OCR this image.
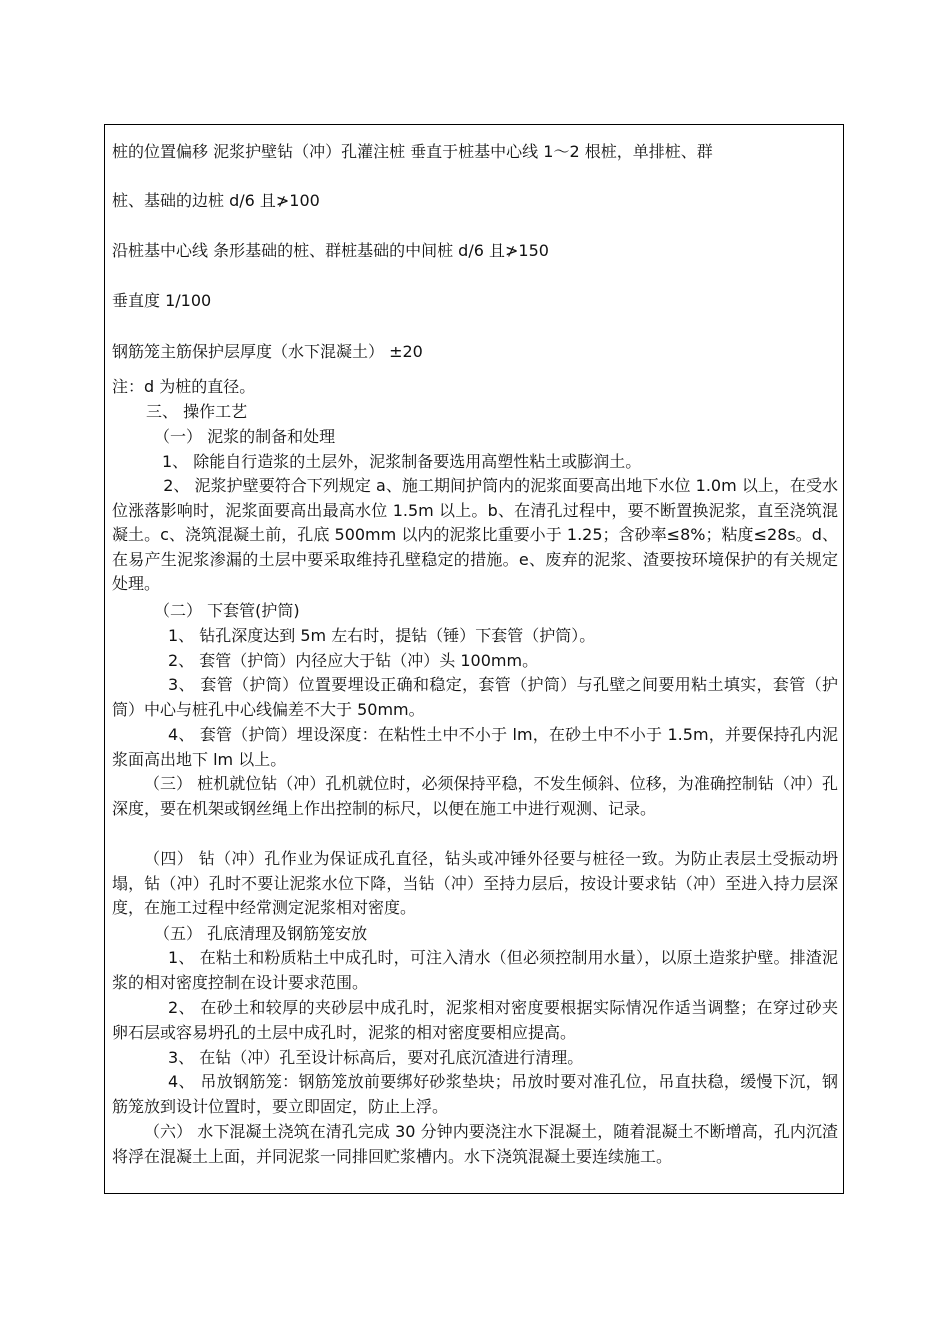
桩的位置偏移 泥浆护壁钻（冲）孔灌注桩 垂直于桩基中心线 1～2 根桩，单排桩、群
桩、基础的边桩 d/6 且≯100
沿桩基中心线 条形基础的桩、群桩基础的中间桩 d/6 且≯150
垂直度 1/100
钢筋笼主筋保护层厚度（水下混凝土） ±20
注：d 为桩的直径。
三、 操作工艺
（一） 泥浆的制备和处理
1、 除能自行造浆的土层外，泥浆制备要选用高塑性粘土或膨润土。
2、 泥浆护壁要符合下列规定 a、施工期间护筒内的泥浆面要高出地下水位 1.0m 以上，在受水位涨落影响时，泥浆面要高出最高水位 1.5m 以上。b、在清孔过程中，要不断置换泥浆，直至浇筑混凝土。c、浇筑混凝土前，孔底 500mm 以内的泥浆比重要小于 1.25；含砂率≤8%；粘度≤28s。d、在易产生泥浆渗漏的土层中要采取维持孔壁稳定的措施。e、废弃的泥浆、渣要按环境保护的有关规定处理。
（二） 下套管(护筒)
1、 钻孔深度达到 5m 左右时，提钻（锤）下套管（护筒）。
2、 套管（护筒）内径应大于钻（冲）头 100mm。
3、 套管（护筒）位置要埋设正确和稳定，套管（护筒）与孔壁之间要用粘土填实，套管（护筒）中心与桩孔中心线偏差不大于 50mm。
4、 套管（护筒）埋设深度：在粘性土中不小于 lm，在砂土中不小于 1.5m，并要保持孔内泥浆面高出地下 lm 以上。
（三） 桩机就位钻（冲）孔机就位时，必须保持平稳，不发生倾斜、位移，为准确控制钻（冲）孔深度，要在机架或钢丝绳上作出控制的标尺，以便在施工中进行观测、记录。
（四） 钻（冲）孔作业为保证成孔直径，钻头或冲锤外径要与桩径一致。为防止表层土受振动坍塌，钻（冲）孔时不要让泥浆水位下降，当钻（冲）至持力层后，按设计要求钻（冲）至进入持力层深度，在施工过程中经常测定泥浆相对密度。
（五） 孔底清理及钢筋笼安放
1、 在粘土和粉质粘土中成孔时，可注入清水（但必须控制用水量），以原土造浆护壁。排渣泥浆的相对密度控制在设计要求范围。
2、 在砂土和较厚的夹砂层中成孔时，泥浆相对密度要根据实际情况作适当调整；在穿过砂夹卵石层或容易坍孔的土层中成孔时，泥浆的相对密度要相应提高。
3、 在钻（冲）孔至设计标高后，要对孔底沉渣进行清理。
4、 吊放钢筋笼：钢筋笼放前要绑好砂浆垫块；吊放时要对准孔位，吊直扶稳，缓慢下沉，钢筋笼放到设计位置时，要立即固定，防止上浮。
（六） 水下混凝土浇筑在清孔完成 30 分钟内要浇注水下混凝土，随着混凝土不断增高，孔内沉渣将浮在混凝土上面，并同泥浆一同排回贮浆槽内。水下浇筑混凝土要连续施工。
